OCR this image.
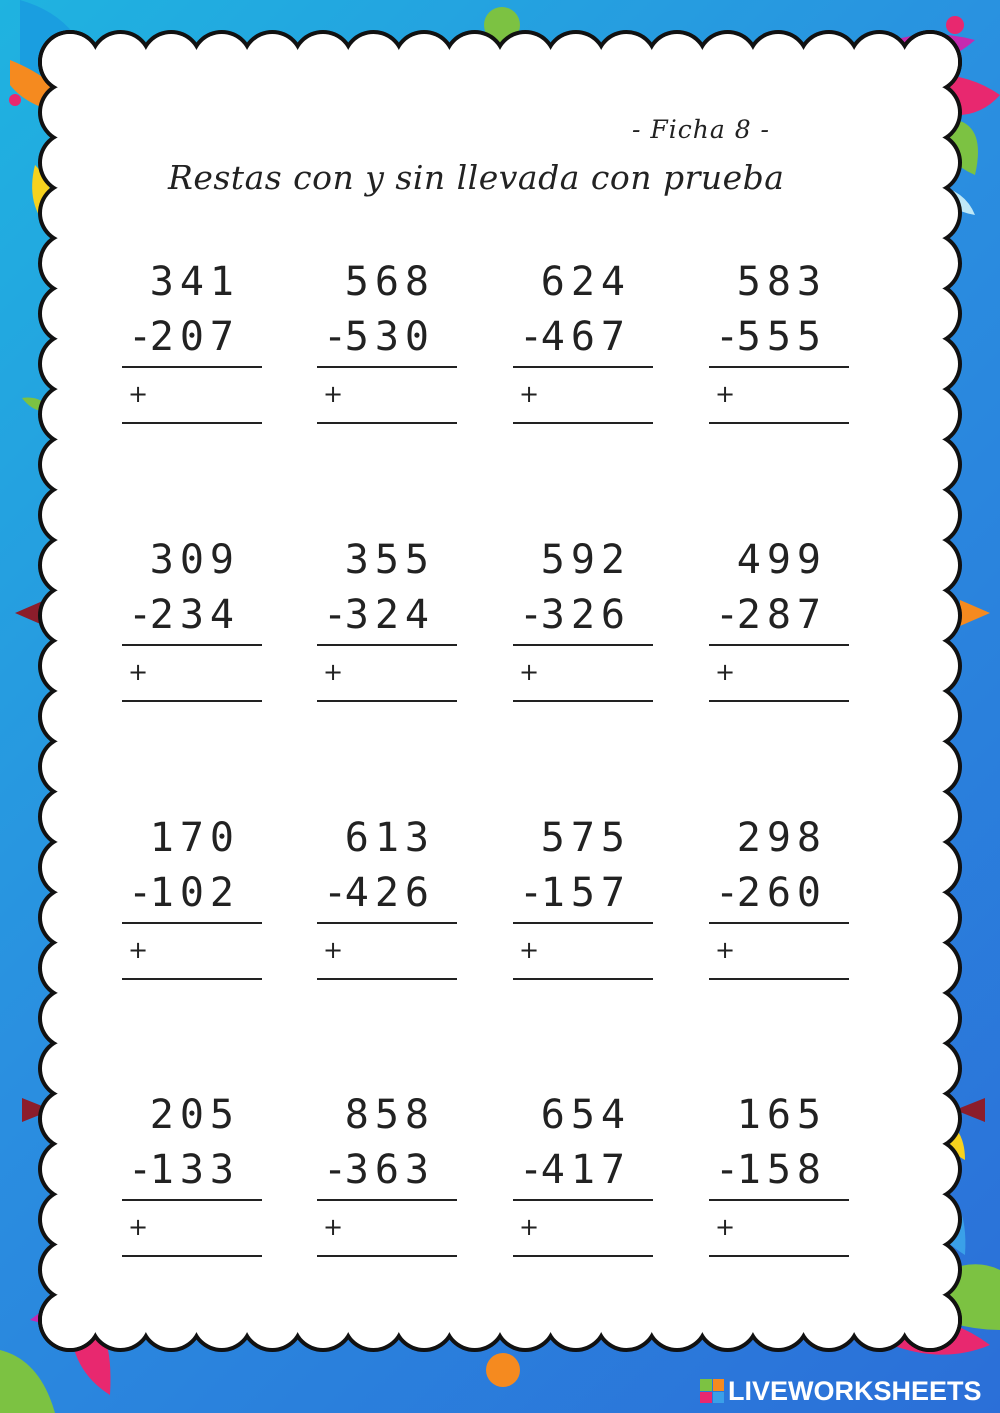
- Ficha 8 -
Restas con y sin llevada con prueba
341
-
207
+
568
-
530
+
624
-
467
+
583
-
555
+
309
-
234
+
355
-
324
+
592
-
326
+
499
-
287
+
170
-
102
+
613
-
426
+
575
-
157
+
298
-
260
+
205
-
133
+
858
-
363
+
654
-
417
+
165
-
158
+
LIVEWORKSHEETS
